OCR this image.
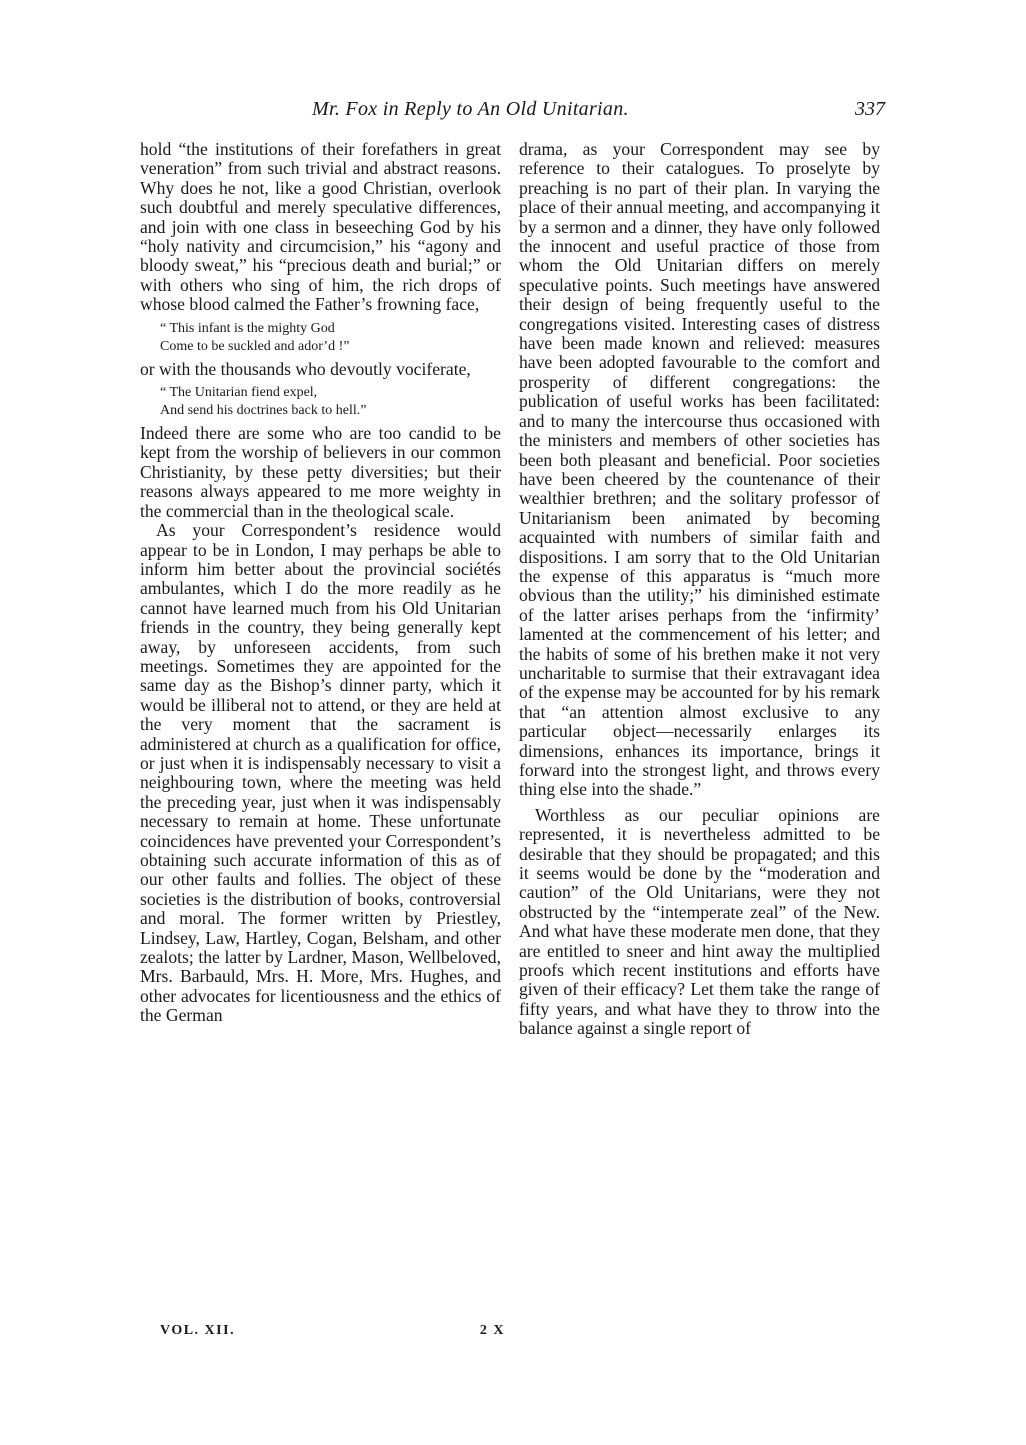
Mr. Fox in Reply to An Old Unitarian.	337

hold “the institutions of their forefathers in great veneration” from such trivial and abstract reasons. Why does he not, like a good Christian, overlook such doubtful and merely speculative differences, and join with one class in beseeching God by his “holy nativity and circumcision,” his “agony and bloody sweat,” his “precious death and burial;” or with others who sing of him, the rich drops of whose blood calmed the Father’s frowning face,

“ This infant is the mighty God
Come to be suckled and ador’d !”

or with the thousands who devoutly vociferate,

“ The Unitarian fiend expel,
And send his doctrines back to hell.”

Indeed there are some who are too candid to be kept from the worship of believers in our common Christianity, by these petty diversities; but their reasons always appeared to me more weighty in the commercial than in the theological scale.

As your Correspondent’s residence would appear to be in London, I may perhaps be able to inform him better about the provincial sociétés ambulantes, which I do the more readily as he cannot have learned much from his Old Unitarian friends in the country, they being generally kept away, by unforeseen accidents, from such meetings. Sometimes they are appointed for the same day as the Bishop’s dinner party, which it would be illiberal not to attend, or they are held at the very moment that the sacrament is administered at church as a qualification for office, or just when it is indispensably necessary to visit a neighbouring town, where the meeting was held the preceding year, just when it was indispensably necessary to remain at home. These unfortunate coincidences have prevented your Correspondent’s obtaining such accurate information of this as of our other faults and follies. The object of these societies is the distribution of books, controversial and moral. The former written by Priestley, Lindsey, Law, Hartley, Cogan, Belsham, and other zealots; the latter by Lardner, Mason, Wellbeloved, Mrs. Barbauld, Mrs. H. More, Mrs. Hughes, and other advocates for licentiousness and the ethics of the German

drama, as your Correspondent may see by reference to their catalogues. To proselyte by preaching is no part of their plan. In varying the place of their annual meeting, and accompanying it by a sermon and a dinner, they have only followed the innocent and useful practice of those from whom the Old Unitarian differs on merely speculative points. Such meetings have answered their design of being frequently useful to the congregations visited. Interesting cases of distress have been made known and relieved: measures have been adopted favourable to the comfort and prosperity of different congregations: the publication of useful works has been facilitated: and to many the intercourse thus occasioned with the ministers and members of other societies has been both pleasant and beneficial. Poor societies have been cheered by the countenance of their wealthier brethren; and the solitary professor of Unitarianism been animated by becoming acquainted with numbers of similar faith and dispositions. I am sorry that to the Old Unitarian the expense of this apparatus is “much more obvious than the utility;” his diminished estimate of the latter arises perhaps from the ‘infirmity’ lamented at the commencement of his letter; and the habits of some of his brethen make it not very uncharitable to surmise that their extravagant idea of the expense may be accounted for by his remark that “an attention almost exclusive to any particular object—necessarily enlarges its dimensions, enhances its importance, brings it forward into the strongest light, and throws every thing else into the shade.”

Worthless as our peculiar opinions are represented, it is nevertheless admitted to be desirable that they should be propagated; and this it seems would be done by the “moderation and caution” of the Old Unitarians, were they not obstructed by the “intemperate zeal” of the New. And what have these moderate men done, that they are entitled to sneer and hint away the multiplied proofs which recent institutions and efforts have given of their efficacy? Let them take the range of fifty years, and what have they to throw into the balance against a single report of

VOL. XII.	2 X
